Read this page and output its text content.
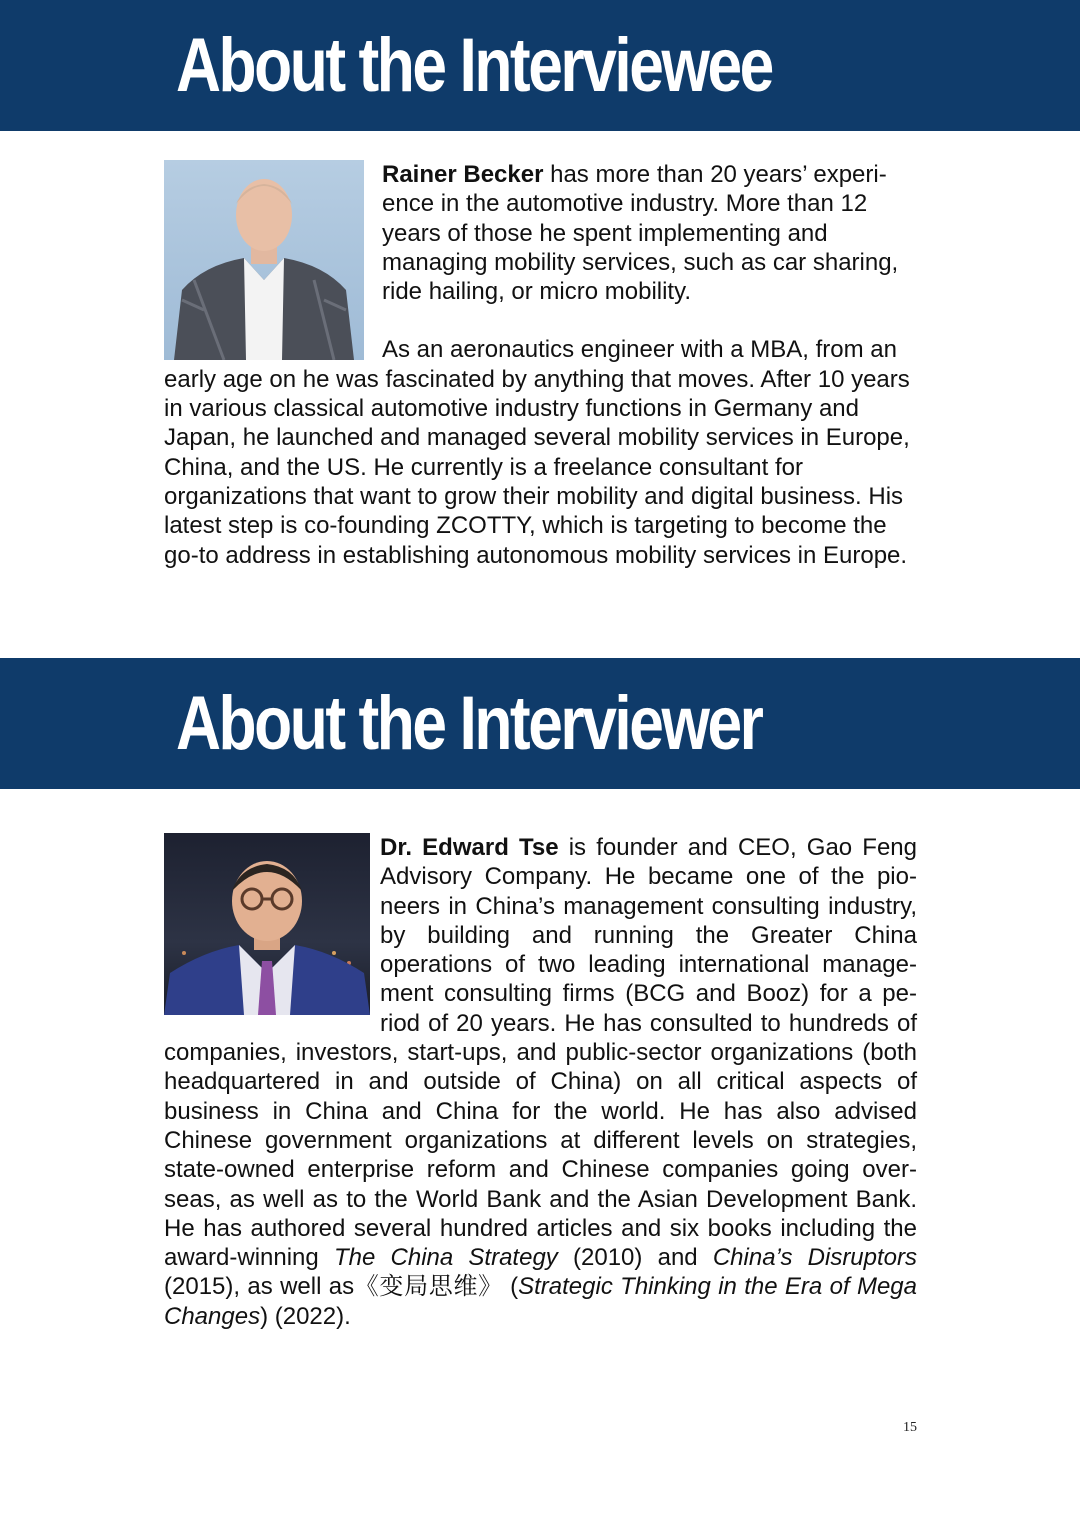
About the Interviewee

Rainer Becker has more than 20 years’ experience in the automotive industry. More than 12 years of those he spent implementing and managing mobility services, such as car sharing, ride hailing, or micro mobility.

As an aeronautics engineer with a MBA, from an early age on he was fascinated by anything that moves. After 10 years in various classical automotive industry functions in Germany and Japan, he launched and managed several mobility services in Europe, China, and the US. He currently is a freelance consultant for organizations that want to grow their mobility and digital business. His latest step is co-founding ZCOTTY, which is targeting to become the go-to address in establishing autonomous mobility services in Europe.

About the Interviewer

Dr. Edward Tse is founder and CEO, Gao Feng Advisory Company. He became one of the pioneers in China’s management consulting industry, by building and running the Greater China operations of two leading international management consulting firms (BCG and Booz) for a period of 20 years. He has consulted to hundreds of companies, investors, start-ups, and public-sector organizations (both headquartered in and outside of China) on all critical aspects of business in China and China for the world. He has also advised Chinese government organizations at different levels on strategies, state-owned enterprise reform and Chinese companies going overseas, as well as to the World Bank and the Asian Development Bank. He has authored several hundred articles and six books including the award-winning The China Strategy (2010) and China’s Disruptors (2015), as well as《变局思维》 (Strategic Thinking in the Era of Mega Changes) (2022).

15
